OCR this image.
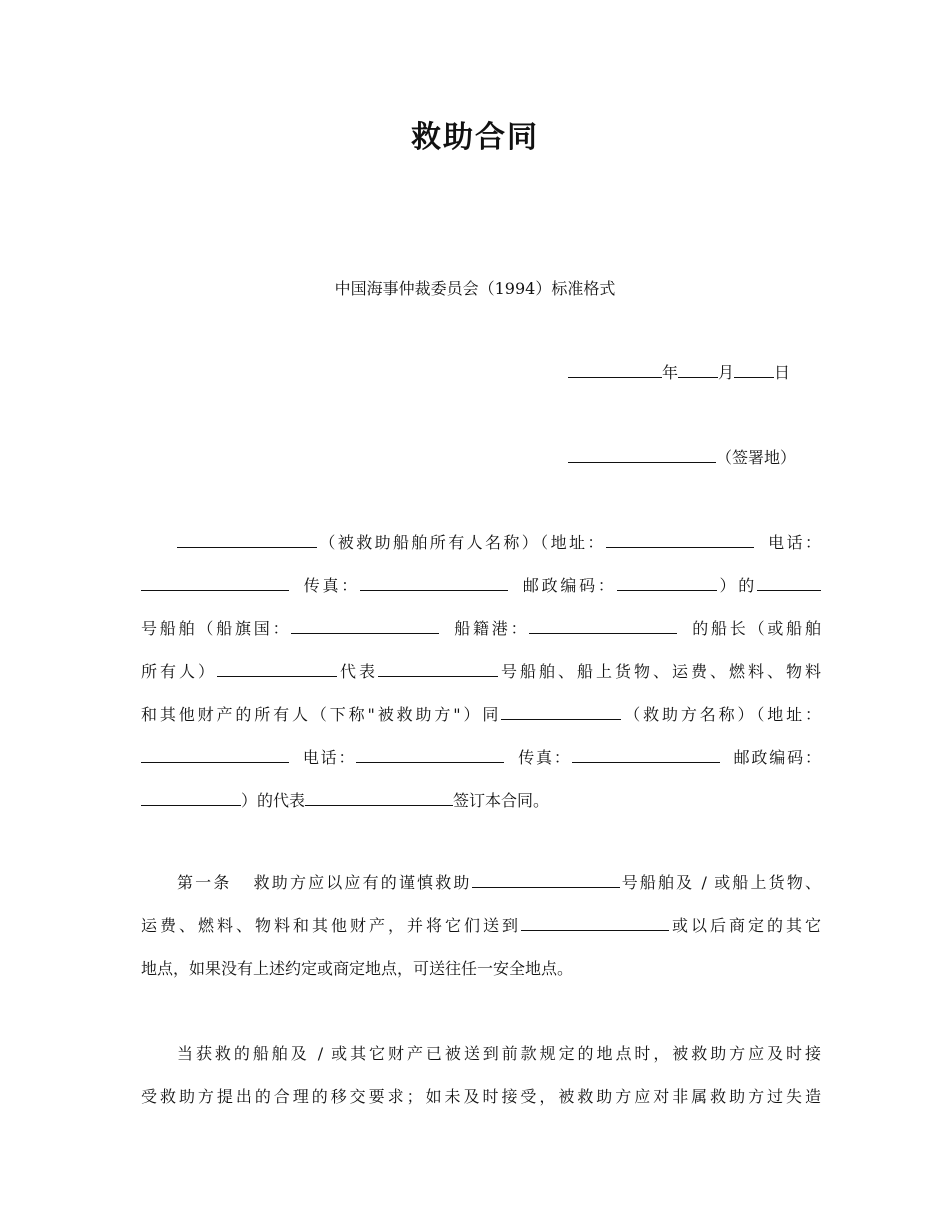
救助合同
中国海事仲裁委员会（1994）标准格式
年	月	日
（签署地）
（被救助船舶所有人名称）（地址：	电话：
传真：	邮政编码：	）的
号船舶（船旗国：	船籍港：	的船长（或船舶
所有人）	代表	号船舶、船上货物、运费、燃料、物料
和其他财产的所有人（下称"被救助方"）同	（救助方名称）（地址：
电话：	传真：	邮政编码：
）的代表	签订本合同。
第一条 救助方应以应有的谨慎救助	号船舶及 / 或船上货物、
运费、燃料、物料和其他财产，并将它们送到	或以后商定的其它
地点，如果没有上述约定或商定地点，可送往任一安全地点。
当获救的船舶及 / 或其它财产已被送到前款规定的地点时，被救助方应及时接
受救助方提出的合理的移交要求；如未及时接受，被救助方应对非属救助方过失造
